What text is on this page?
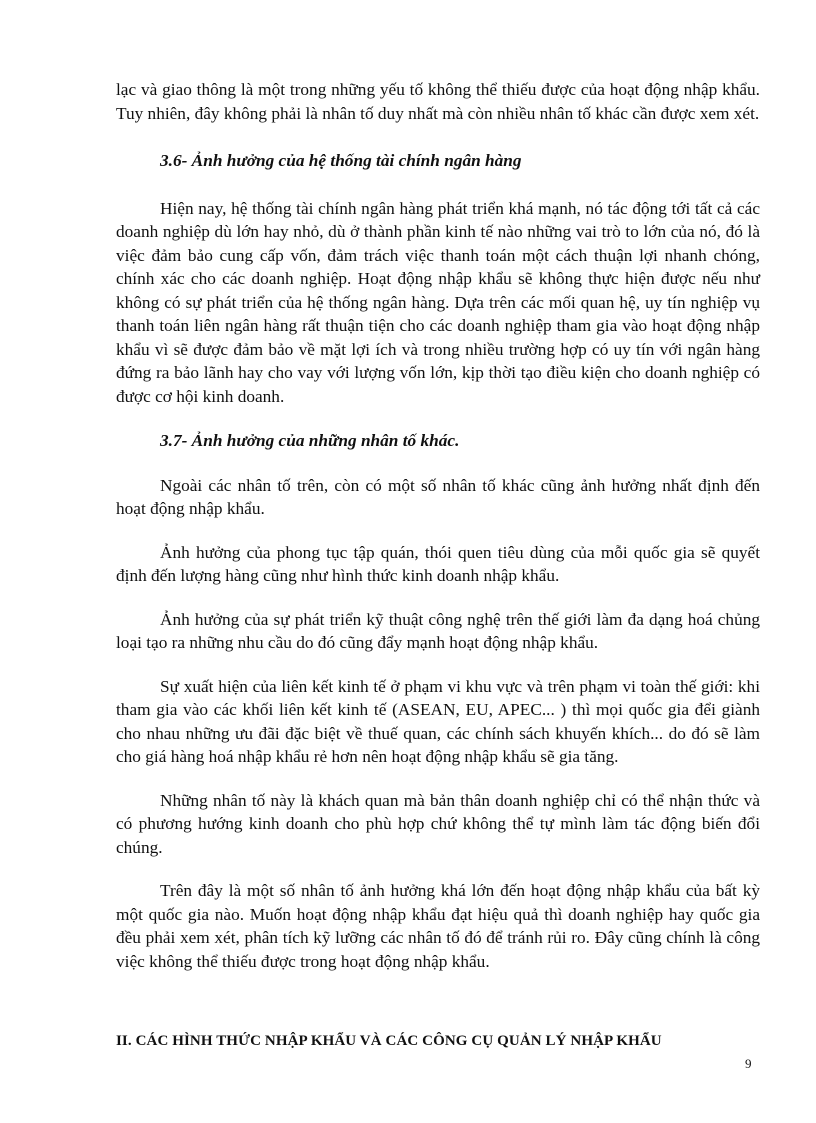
lạc và giao thông là một trong những yếu tố không thể thiếu được của hoạt động nhập khẩu. Tuy nhiên, đây không phải là nhân tố duy nhất mà còn nhiều nhân tố khác cần được xem xét.

3.6- Ảnh hưởng của hệ thống tài chính ngân hàng

Hiện nay, hệ thống tài chính ngân hàng phát triển khá mạnh, nó tác động tới tất cả các doanh nghiệp dù lớn hay nhỏ, dù ở thành phần kinh tế nào những vai trò to lớn của nó, đó là việc đảm bảo cung cấp vốn, đảm trách việc thanh toán một cách thuận lợi nhanh chóng, chính xác cho các doanh nghiệp. Hoạt động nhập khẩu sẽ không thực hiện được nếu như không có sự phát triển của hệ thống ngân hàng. Dựa trên các mối quan hệ, uy tín nghiệp vụ thanh toán liên ngân hàng rất thuận tiện cho các doanh nghiệp tham gia vào hoạt động nhập khẩu vì sẽ được đảm bảo về mặt lợi ích và trong nhiều trường hợp có uy tín với ngân hàng đứng ra bảo lãnh hay cho vay với lượng vốn lớn, kịp thời tạo điều kiện cho doanh nghiệp có được cơ hội kinh doanh.

3.7- Ảnh hưởng của những nhân tố khác.

Ngoài các nhân tố trên, còn có một số nhân tố khác cũng ảnh hưởng nhất định đến hoạt động nhập khẩu.

Ảnh hưởng của phong tục tập quán, thói quen tiêu dùng của mỗi quốc gia sẽ quyết định đến lượng hàng cũng như hình thức kinh doanh nhập khẩu.

Ảnh hưởng của sự phát triển kỹ thuật công nghệ trên thế giới làm đa dạng hoá chủng loại tạo ra những nhu cầu do đó cũng đẩy mạnh hoạt động nhập khẩu.

Sự xuất hiện của liên kết kinh tế ở phạm vi khu vực và trên phạm vi toàn thế giới: khi tham gia vào các khối liên kết kinh tế (ASEAN, EU, APEC... ) thì mọi quốc gia đểi giành cho nhau những ưu đãi đặc biệt về thuế quan, các chính sách khuyến khích... do đó sẽ làm cho giá hàng hoá nhập khẩu rẻ hơn nên hoạt động nhập khẩu sẽ gia tăng.

Những nhân tố này là khách quan mà bản thân doanh nghiệp chỉ có thể nhận thức và có phương hướng kinh doanh cho phù hợp chứ không thể tự mình làm tác động biến đổi chúng.

Trên đây là một số nhân tố ảnh hưởng khá lớn đến hoạt động nhập khẩu của bất kỳ một quốc gia nào. Muốn hoạt động nhập khẩu đạt hiệu quả thì doanh nghiệp hay quốc gia đều phải xem xét, phân tích kỹ lưỡng các nhân tố đó để tránh rủi ro. Đây cũng chính là công việc không thể thiếu được trong hoạt động nhập khẩu.

II. CÁC HÌNH THỨC NHẬP KHẨU VÀ CÁC CÔNG CỤ QUẢN LÝ NHẬP KHẨU
9
